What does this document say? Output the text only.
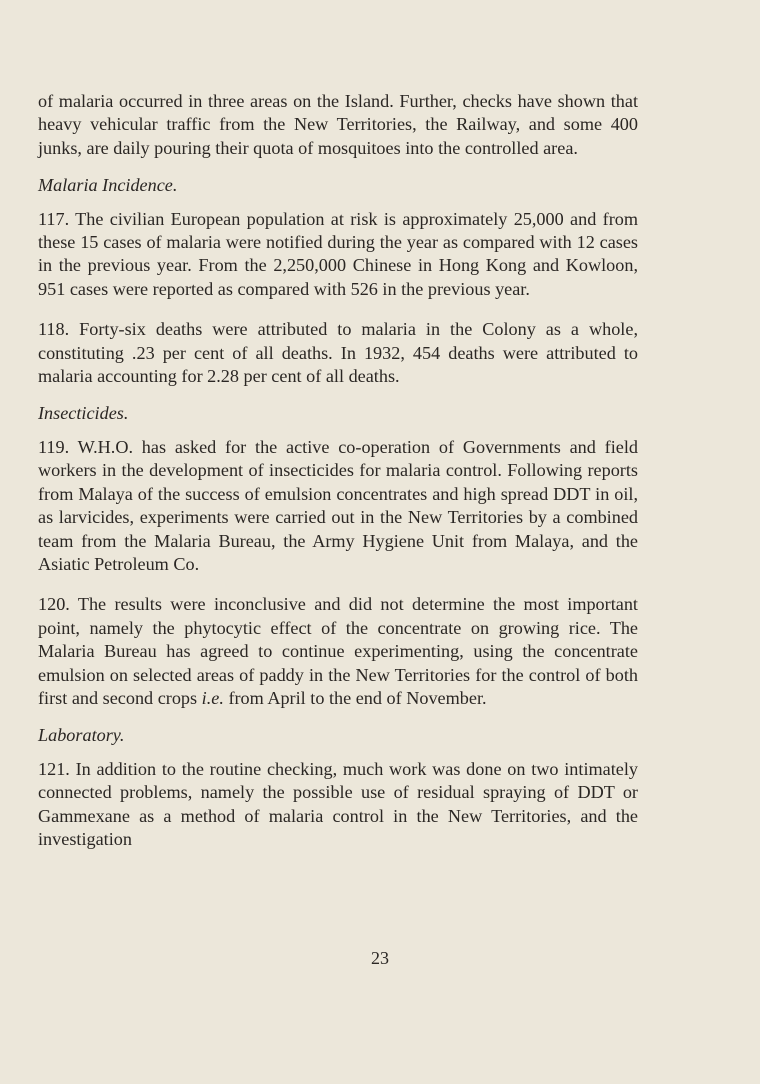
of malaria occurred in three areas on the Island. Further, checks have shown that heavy vehicular traffic from the New Territories, the Railway, and some 400 junks, are daily pouring their quota of mosquitoes into the controlled area.

Malaria Incidence.

117. The civilian European population at risk is approximately 25,000 and from these 15 cases of malaria were notified during the year as compared with 12 cases in the previous year. From the 2,250,000 Chinese in Hong Kong and Kowloon, 951 cases were reported as compared with 526 in the previous year.

118. Forty-six deaths were attributed to malaria in the Colony as a whole, constituting .23 per cent of all deaths. In 1932, 454 deaths were attributed to malaria accounting for 2.28 per cent of all deaths.

Insecticides.

119. W.H.O. has asked for the active co-operation of Governments and field workers in the development of insecticides for malaria control. Following reports from Malaya of the success of emulsion concentrates and high spread DDT in oil, as larvicides, experiments were carried out in the New Territories by a combined team from the Malaria Bureau, the Army Hygiene Unit from Malaya, and the Asiatic Petroleum Co.

120. The results were inconclusive and did not determine the most important point, namely the phytocytic effect of the concentrate on growing rice. The Malaria Bureau has agreed to continue experimenting, using the concentrate emulsion on selected areas of paddy in the New Territories for the control of both first and second crops i.e. from April to the end of November.

Laboratory.

121. In addition to the routine checking, much work was done on two intimately connected problems, namely the possible use of residual spraying of DDT or Gammexane as a method of malaria control in the New Territories, and the investigation

23
